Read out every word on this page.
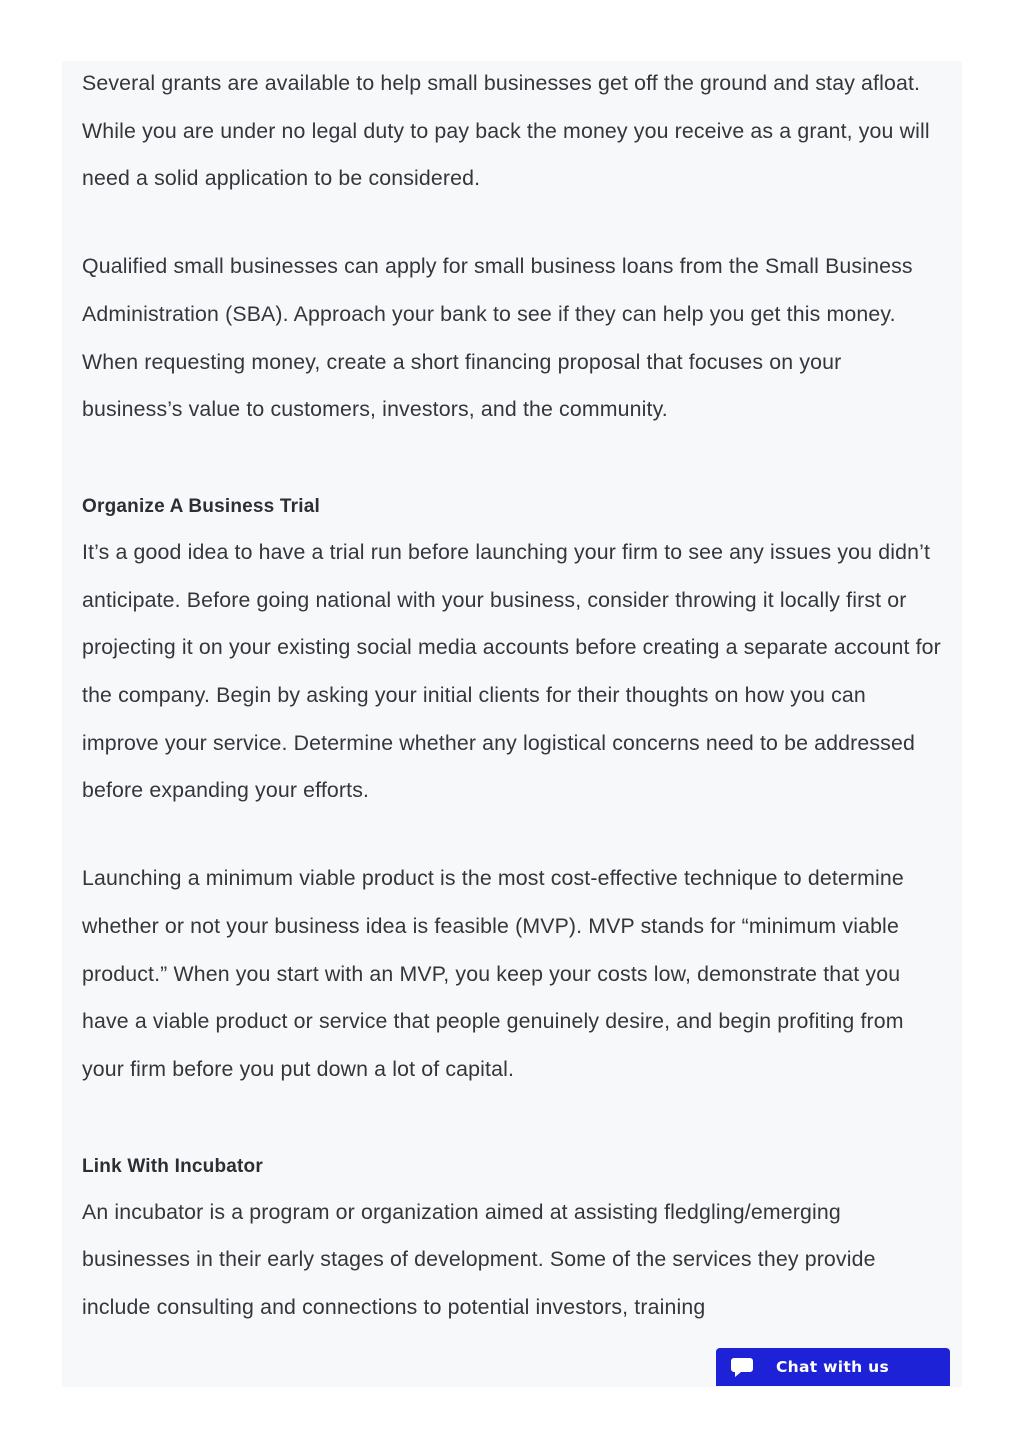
Several grants are available to help small businesses get off the ground and stay afloat. While you are under no legal duty to pay back the money you receive as a grant, you will need a solid application to be considered.

Qualified small businesses can apply for small business loans from the Small Business Administration (SBA). Approach your bank to see if they can help you get this money. When requesting money, create a short financing proposal that focuses on your business’s value to customers, investors, and the community.

Organize A Business Trial

It’s a good idea to have a trial run before launching your firm to see any issues you didn’t anticipate. Before going national with your business, consider throwing it locally first or projecting it on your existing social media accounts before creating a separate account for the company. Begin by asking your initial clients for their thoughts on how you can improve your service. Determine whether any logistical concerns need to be addressed before expanding your efforts.

Launching a minimum viable product is the most cost-effective technique to determine whether or not your business idea is feasible (MVP). MVP stands for “minimum viable product.” When you start with an MVP, you keep your costs low, demonstrate that you have a viable product or service that people genuinely desire, and begin profiting from your firm before you put down a lot of capital.

Link With Incubator

An incubator is a program or organization aimed at assisting fledgling/emerging businesses in their early stages of development. Some of the services they provide include consulting and connections to potential investors, training

Chat with us
